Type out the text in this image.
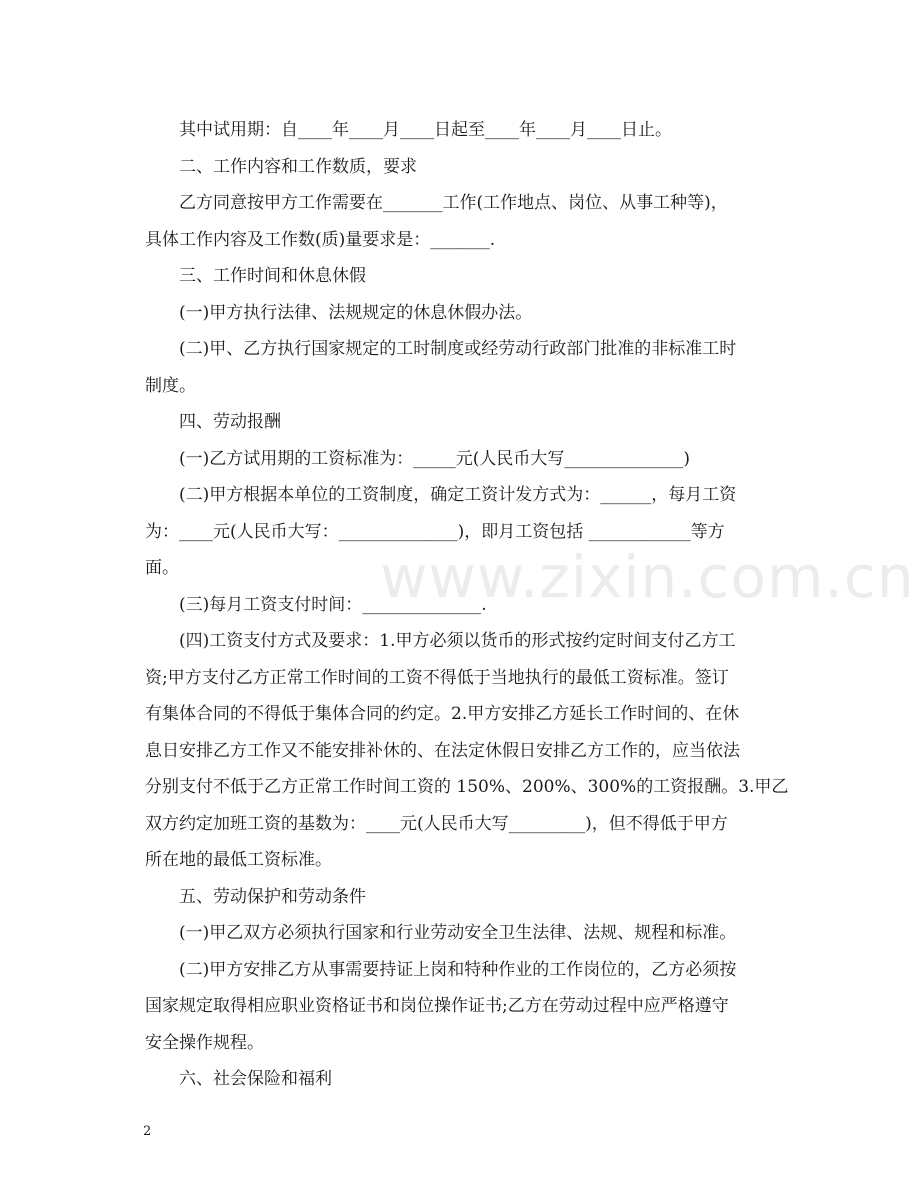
其中试用期：自____年____月____日起至____年____月____日止。
二、工作内容和工作数质，要求
乙方同意按甲方工作需要在_______工作(工作地点、岗位、从事工种等)，
具体工作内容及工作数(质)量要求是：_______.
三、工作时间和休息休假
(一)甲方执行法律、法规规定的休息休假办法。
(二)甲、乙方执行国家规定的工时制度或经劳动行政部门批准的非标准工时
制度。
四、劳动报酬
(一)乙方试用期的工资标准为：_____元(人民币大写______________)
(二)甲方根据本单位的工资制度，确定工资计发方式为：______，每月工资
为：____元(人民币大写：______________)，即月工资包括 ____________等方
面。
(三)每月工资支付时间：______________.
(四)工资支付方式及要求：1.甲方必须以货币的形式按约定时间支付乙方工
资;甲方支付乙方正常工作时间的工资不得低于当地执行的最低工资标准。签订
有集体合同的不得低于集体合同的约定。2.甲方安排乙方延长工作时间的、在休
息日安排乙方工作又不能安排补休的、在法定休假日安排乙方工作的，应当依法
分别支付不低于乙方正常工作时间工资的 150%、200%、300%的工资报酬。3.甲乙
双方约定加班工资的基数为：____元(人民币大写_________)，但不得低于甲方
所在地的最低工资标准。
五、劳动保护和劳动条件
(一)甲乙双方必须执行国家和行业劳动安全卫生法律、法规、规程和标准。
(二)甲方安排乙方从事需要持证上岗和特种作业的工作岗位的，乙方必须按
国家规定取得相应职业资格证书和岗位操作证书;乙方在劳动过程中应严格遵守
安全操作规程。
六、社会保险和福利
www.zixin.com.cn
2
